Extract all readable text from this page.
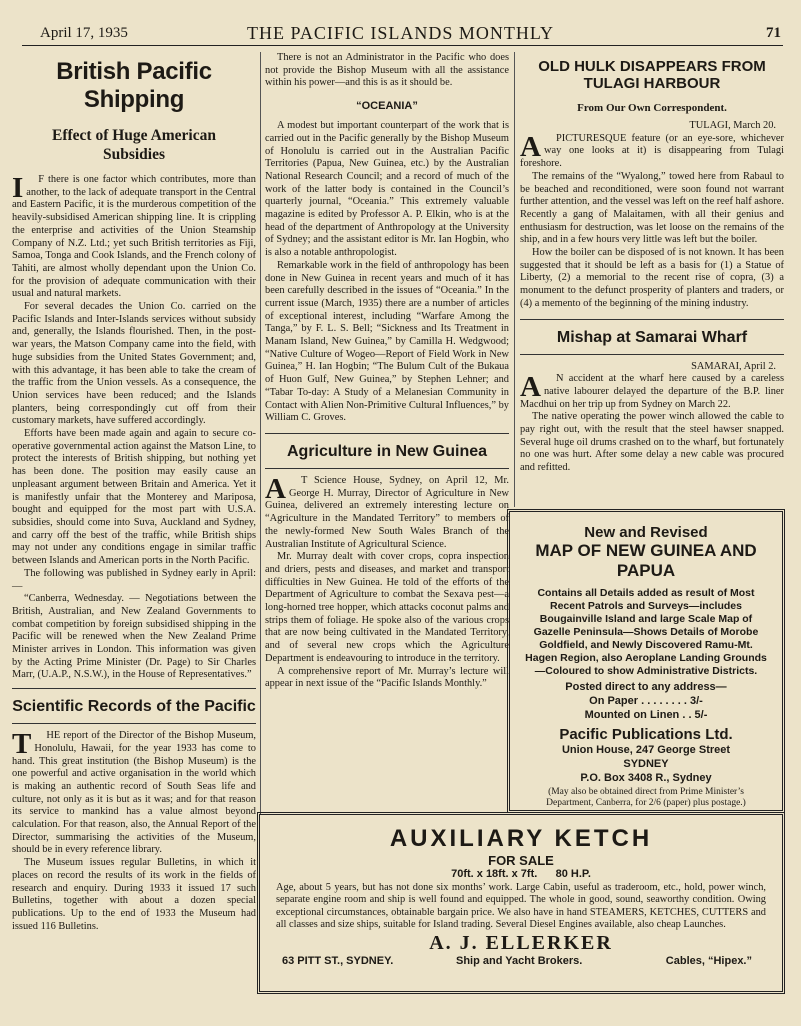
April 17, 1935	THE PACIFIC ISLANDS MONTHLY	71
British Pacific Shipping
Effect of Huge American Subsidies

I F there is one factor which contributes, more than another, to the lack of adequate transport in the Central and Eastern Pacific, it is the murderous competition of the heavily-subsidised American shipping line. It is crippling the enterprise and activities of the Union Steamship Company of N.Z. Ltd.; yet such British territories as Fiji, Samoa, Tonga and Cook Islands, and the French colony of Tahiti, are almost wholly dependant upon the Union Co. for the provision of adequate communication with their usual and natural markets.

For several decades the Union Co. carried on the Pacific Islands and Inter-Islands services without subsidy and, generally, the Islands flourished. Then, in the post-war years, the Matson Company came into the field, with huge subsidies from the United States Government; and, with this advantage, it has been able to take the cream of the traffic from the Union vessels. As a consequence, the Union services have been reduced; and the Islands planters, being correspondingly cut off from their customary markets, have suffered accordingly.

Efforts have been made again and again to secure co-operative governmental action against the Matson Line, to protect the interests of British shipping, but nothing yet has been done. The position may easily cause an unpleasant argument between Britain and America. Yet it is manifestly unfair that the Monterey and Mariposa, bought and equipped for the most part with U.S.A. subsidies, should come into Suva, Auckland and Sydney, and carry off the best of the traffic, while British ships may not under any conditions engage in similar traffic between Islands and American ports in the North Pacific.

The following was published in Sydney early in April:—

“Canberra, Wednesday. — Negotiations between the British, Australian, and New Zealand Governments to combat competition by foreign subsidised shipping in the Pacific will be renewed when the New Zealand Prime Minister arrives in London. This information was given by the Acting Prime Minister (Dr. Page) to Sir Charles Marr, (U.A.P., N.S.W.), in the House of Representatives.”

Scientific Records of the Pacific

T HE report of the Director of the Bishop Museum, Honolulu, Hawaii, for the year 1933 has come to hand. This great institution (the Bishop Museum) is the one powerful and active organisation in the world which is making an authentic record of South Seas life and culture, not only as it is but as it was; and for that reason its service to mankind has a value almost beyond calculation. For that reason, also, the Annual Report of the Director, summarising the activities of the Museum, should be in every reference library.

The Museum issues regular Bulletins, in which it places on record the results of its work in the fields of research and enquiry. During 1933 it issued 17 such Bulletins, together with about a dozen special publications. Up to the end of 1933 the Museum had issued 116 Bulletins.

There is not an Administrator in the Pacific who does not provide the Bishop Museum with all the assistance within his power—and this is as it should be.

“OCEANIA”

A modest but important counterpart of the work that is carried out in the Pacific generally by the Bishop Museum of Honolulu is carried out in the Australian Pacific Territories (Papua, New Guinea, etc.) by the Australian National Research Council; and a record of much of the work of the latter body is contained in the Council’s quarterly journal, “Oceania.” This extremely valuable magazine is edited by Professor A. P. Elkin, who is at the head of the department of Anthropology at the University of Sydney; and the assistant editor is Mr. Ian Hogbin, who is also a notable anthropologist.

Remarkable work in the field of anthropology has been done in New Guinea in recent years and much of it has been carefully described in the issues of “Oceania.” In the current issue (March, 1935) there are a number of articles of exceptional interest, including “Warfare Among the Tanga,” by F. L. S. Bell; “Sickness and Its Treatment in Manam Island, New Guinea,” by Camilla H. Wedgwood; “Native Culture of Wogeo—Report of Field Work in New Guinea,” H. Ian Hogbin; “The Bulum Cult of the Bukaua of Huon Gulf, New Guinea,” by Stephen Lehner; and “Tabar To-day: A Study of a Melanesian Community in Contact with Alien Non-Primitive Cultural Influences,” by William C. Groves.

Agriculture in New Guinea

A T Science House, Sydney, on April 12, Mr. George H. Murray, Director of Agriculture in New Guinea, delivered an extremely interesting lecture on “Agriculture in the Mandated Territory” to members of the newly-formed New South Wales Branch of the Australian Institute of Agricultural Science.

Mr. Murray dealt with cover crops, copra inspection and driers, pests and diseases, and market and transport difficulties in New Guinea. He told of the efforts of the Department of Agriculture to combat the Sexava pest—a long-horned tree hopper, which attacks coconut palms and strips them of foliage. He spoke also of the various crops that are now being cultivated in the Mandated Territory, and of several new crops which the Agriculture Department is endeavouring to introduce in the territory.

A comprehensive report of Mr. Murray’s lecture will appear in next issue of the “Pacific Islands Monthly.”

OLD HULK DISAPPEARS FROM TULAGI HARBOUR
From Our Own Correspondent.

TULAGI, March 20.

A PICTURESQUE feature (or an eye-sore, whichever way one looks at it) is disappearing from Tulagi foreshore.

The remains of the “Wyalong,” towed here from Rabaul to be beached and reconditioned, were soon found not warrant further attention, and the vessel was left on the reef half ashore. Recently a gang of Malaitamen, with all their genius and enthusiasm for destruction, was let loose on the remains of the ship, and in a few hours very little was left but the boiler.

How the boiler can be disposed of is not known. It has been suggested that it should be left as a basis for (1) a Statue of Liberty, (2) a memorial to the recent rise of copra, (3) a monument to the defunct prosperity of planters and traders, or (4) a memento of the beginning of the mining industry.

Mishap at Samarai Wharf

SAMARAI, April 2.

A N accident at the wharf here caused by a careless native labourer delayed the departure of the B.P. liner Macdhui on her trip up from Sydney on March 22.

The native operating the power winch allowed the cable to pay right out, with the result that the steel hawser snapped. Several huge oil drums crashed on to the wharf, but fortunately no one was hurt. After some delay a new cable was procured and refitted.

New and Revised
MAP OF NEW GUINEA AND PAPUA
Contains all Details added as result of Most Recent Patrols and Surveys—includes Bougainville Island and large Scale Map of Gazelle Peninsula—Shows Details of Morobe Goldfield, and Newly Discovered Ramu-Mt. Hagen Region, also Aeroplane Landing Grounds—Coloured to show Administrative Districts.
Posted direct to any address—
On Paper . . . . . . . . 3/-
Mounted on Linen . . 5/-
Pacific Publications Ltd.
Union House, 247 George Street
SYDNEY
P.O. Box 3408 R., Sydney
(May also be obtained direct from Prime Minister’s Department, Canberra, for 2/6 (paper) plus postage.)
AUXILIARY KETCH
FOR SALE
70ft. x 18ft. x 7ft.      80 H.P.
Age, about 5 years, but has not done six months’ work. Large Cabin, useful as traderoom, etc., hold, power winch, separate engine room and ship is well found and equipped. The whole in good, sound, seaworthy condition. Owing exceptional circumstances, obtainable bargain price. We also have in hand STEAMERS, KETCHES, CUTTERS and all classes and size ships, suitable for Island trading. Several Diesel Engines available, also cheap Launches.
A. J. ELLERKER
63 PITT ST., SYDNEY.	Ship and Yacht Brokers.	Cables, “Hipex.”
